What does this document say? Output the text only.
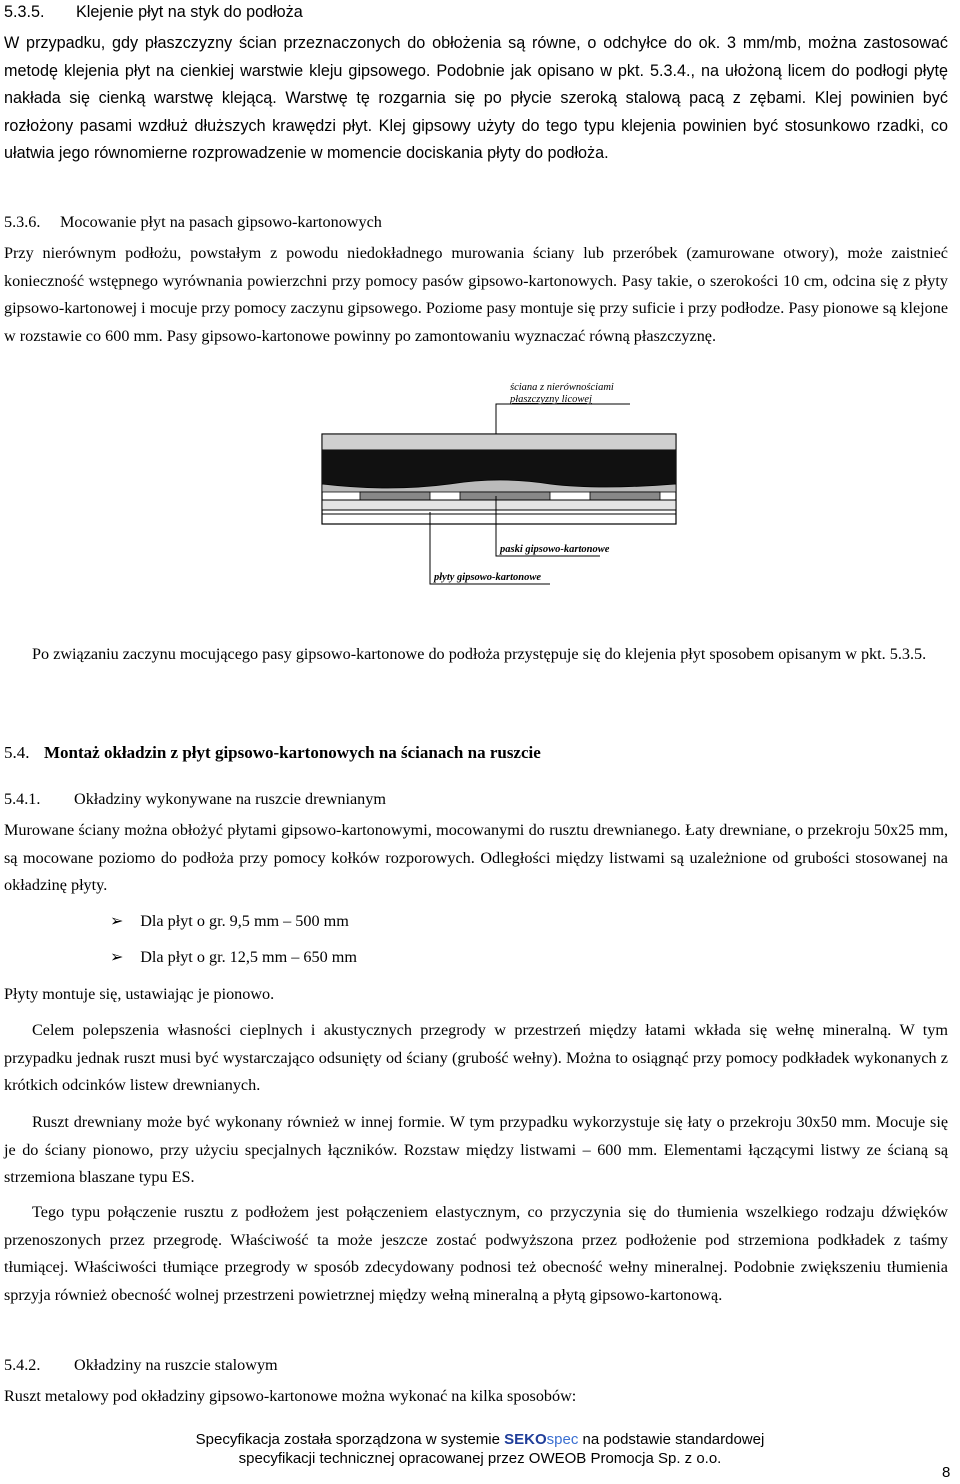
5.3.5. Klejenie płyt na styk do podłoża

W przypadku, gdy płaszczyzny ścian przeznaczonych do obłożenia są równe, o odchyłce do ok. 3 mm/mb, można zastosować metodę klejenia płyt na cienkiej warstwie kleju gipsowego. Podobnie jak opisano w pkt. 5.3.4., na ułożoną licem do podłogi płytę nakłada się cienką warstwę klejącą. Warstwę tę rozgarnia się po płycie szeroką stalową pacą z zębami. Klej powinien być rozłożony pasami wzdłuż dłuższych krawędzi płyt. Klej gipsowy użyty do tego typu klejenia powinien być stosunkowo rzadki, co ułatwia jego równomierne rozprowadzenie w momencie dociskania płyty do podłoża.

5.3.6. Mocowanie płyt na pasach gipsowo-kartonowych

Przy nierównym podłożu, powstałym z powodu niedokładnego murowania ściany lub przeróbek (zamurowane otwory), może zaistnieć konieczność wstępnego wyrównania powierzchni przy pomocy pasów gipsowo-kartonowych. Pasy takie, o szerokości 10 cm, odcina się z płyty gipsowo-kartonowej i mocuje przy pomocy zaczynu gipsowego. Poziome pasy montuje się przy suficie i przy podłodze. Pasy pionowe są klejone w rozstawie co 600 mm. Pasy gipsowo-kartonowe powinny po zamontowaniu wyznaczać równą płaszczyznę.

ściana z nierównościami
płaszczyzny licowej
paski gipsowo-kartonowe
płyty gipsowo-kartonowe

Po związaniu zaczynu mocującego pasy gipsowo-kartonowe do podłoża przystępuje się do klejenia płyt sposobem opisanym w pkt. 5.3.5.

5.4. Montaż okładzin z płyt gipsowo-kartonowych na ścianach na ruszcie
5.4.1. Okładziny wykonywane na ruszcie drewnianym

Murowane ściany można obłożyć płytami gipsowo-kartonowymi, mocowanymi do rusztu drewnianego. Łaty drewniane, o przekroju 50x25 mm, są mocowane poziomo do podłoża przy pomocy kołków rozporowych. Odległości między listwami są uzależnione od grubości stosowanej na okładzinę płyty.

➢ Dla płyt o gr. 9,5 mm – 500 mm
➢ Dla płyt o gr. 12,5 mm – 650 mm

Płyty montuje się, ustawiając je pionowo.

Celem polepszenia własności cieplnych i akustycznych przegrody w przestrzeń między łatami wkłada się wełnę mineralną. W tym przypadku jednak ruszt musi być wystarczająco odsunięty od ściany (grubość wełny). Można to osiągnąć przy pomocy podkładek wykonanych z krótkich odcinków listew drewnianych.

Ruszt drewniany może być wykonany również w innej formie. W tym przypadku wykorzystuje się łaty o przekroju 30x50 mm. Mocuje się je do ściany pionowo, przy użyciu specjalnych łączników. Rozstaw między listwami – 600 mm. Elementami łączącymi listwy ze ścianą są strzemiona blaszane typu ES.

Tego typu połączenie rusztu z podłożem jest połączeniem elastycznym, co przyczynia się do tłumienia wszelkiego rodzaju dźwięków przenoszonych przez przegrodę. Właściwość ta może jeszcze zostać podwyższona przez podłożenie pod strzemiona podkładek z taśmy tłumiącej. Właściwości tłumiące przegrody w sposób zdecydowany podnosi też obecność wełny mineralnej. Podobnie zwiększeniu tłumienia sprzyja również obecność wolnej przestrzeni powietrznej między wełną mineralną a płytą gipsowo-kartonową.

5.4.2. Okładziny na ruszcie stalowym

Ruszt metalowy pod okładziny gipsowo-kartonowe można wykonać na kilka sposobów:

Specyfikacja została sporządzona w systemie SEKOspec na podstawie standardowej
specyfikacji technicznej opracowanej przez OWEOB Promocja Sp. z o.o.
8
